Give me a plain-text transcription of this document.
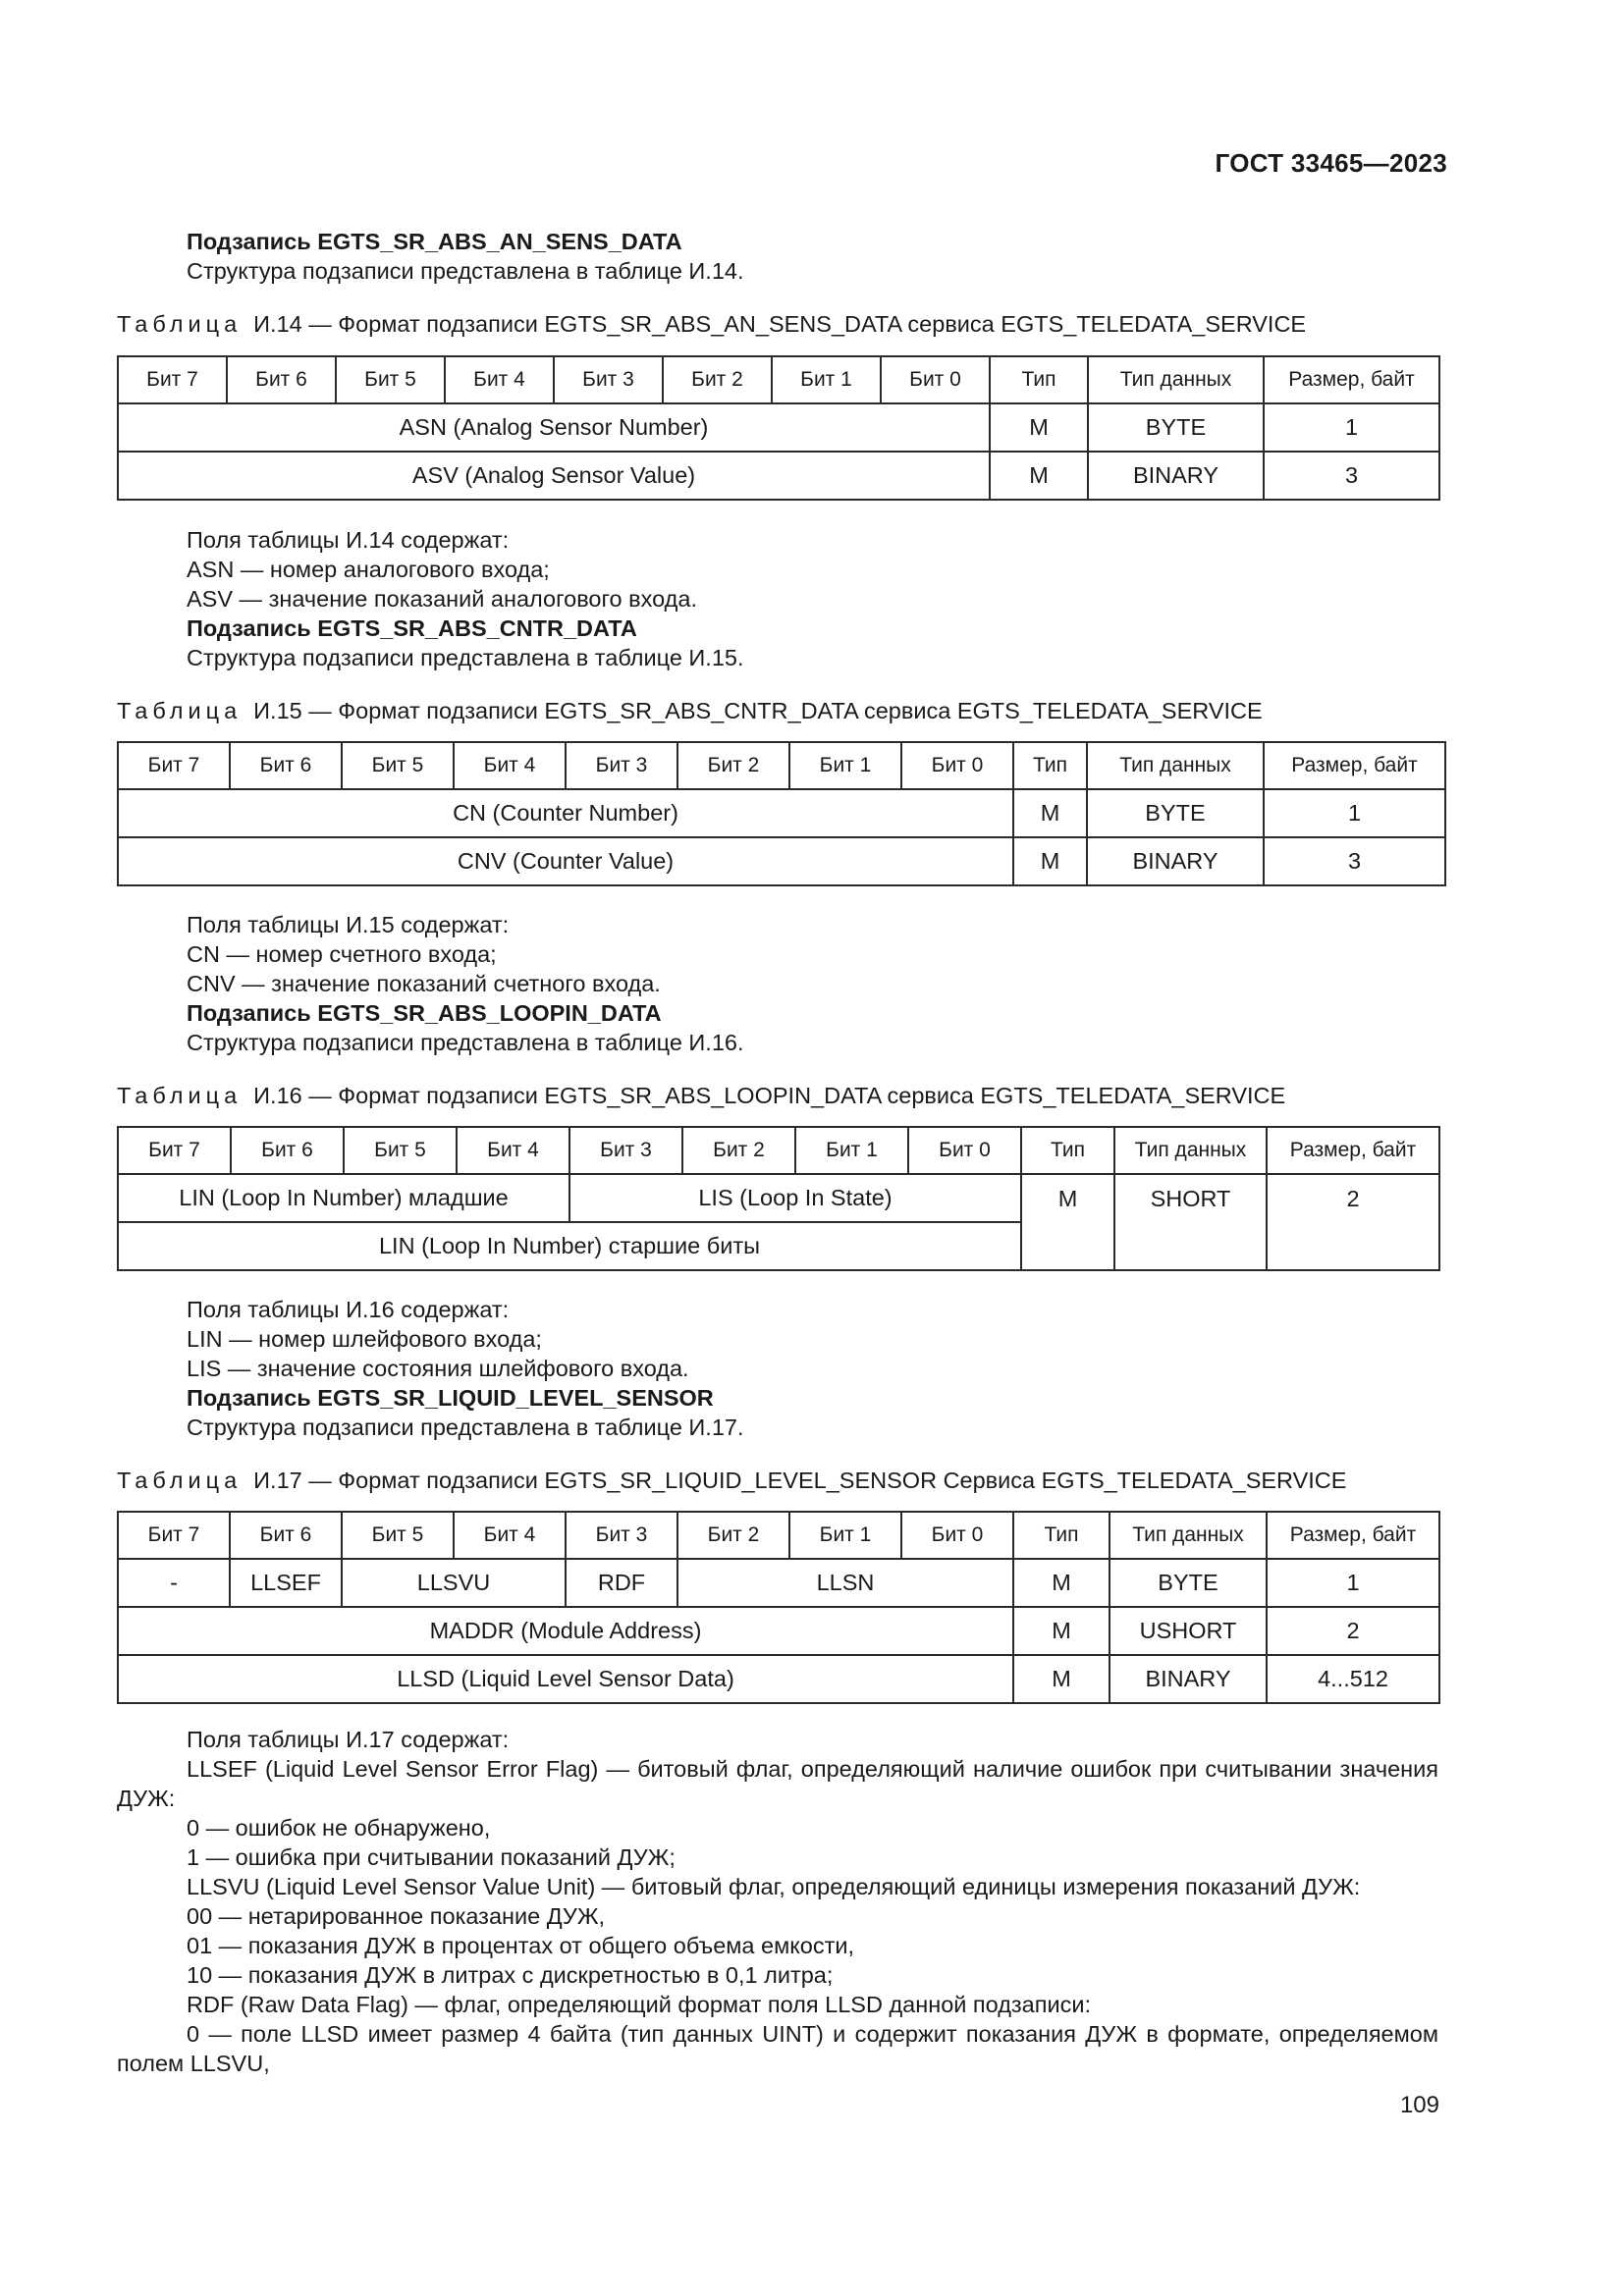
ГОСТ 33465—2023
Подзапись EGTS_SR_ABS_AN_SENS_DATA
Структура подзаписи представлена в таблице И.14.
Таблица И.14 — Формат подзаписи EGTS_SR_ABS_AN_SENS_DATA сервиса EGTS_TELEDATA_SERVICE
Бит 7	Бит 6	Бит 5	Бит 4	Бит 3	Бит 2	Бит 1	Бит 0	Тип	Тип данных	Размер, байт
ASN (Analog Sensor Number)								M	BYTE	1
ASV (Analog Sensor Value)								M	BINARY	3
Поля таблицы И.14 содержат:
ASN — номер аналогового входа;
ASV — значение показаний аналогового входа.
Подзапись EGTS_SR_ABS_CNTR_DATA
Структура подзаписи представлена в таблице И.15.
Таблица И.15 — Формат подзаписи EGTS_SR_ABS_CNTR_DATA сервиса EGTS_TELEDATA_SERVICE
Бит 7	Бит 6	Бит 5	Бит 4	Бит 3	Бит 2	Бит 1	Бит 0	Тип	Тип данных	Размер, байт
CN (Counter Number)								M	BYTE	1
CNV (Counter Value)								M	BINARY	3
Поля таблицы И.15 содержат:
CN — номер счетного входа;
CNV — значение показаний счетного входа.
Подзапись EGTS_SR_ABS_LOOPIN_DATA
Структура подзаписи представлена в таблице И.16.
Таблица И.16 — Формат подзаписи EGTS_SR_ABS_LOOPIN_DATA сервиса EGTS_TELEDATA_SERVICE
Бит 7	Бит 6	Бит 5	Бит 4	Бит 3	Бит 2	Бит 1	Бит 0	Тип	Тип данных	Размер, байт
LIN (Loop In Number) младшие				LIS (Loop In State)				M	SHORT	2
LIN (Loop In Number) старшие биты										
Поля таблицы И.16 содержат:
LIN — номер шлейфового входа;
LIS — значение состояния шлейфового входа.
Подзапись EGTS_SR_LIQUID_LEVEL_SENSOR
Структура подзаписи представлена в таблице И.17.
Таблица И.17 — Формат подзаписи EGTS_SR_LIQUID_LEVEL_SENSOR Сервиса EGTS_TELEDATA_SERVICE
Бит 7	Бит 6	Бит 5	Бит 4	Бит 3	Бит 2	Бит 1	Бит 0	Тип	Тип данных	Размер, байт
-	LLSEF	LLSVU		RDF	LLSN			M	BYTE	1
MADDR (Module Address)								M	USHORT	2
LLSD (Liquid Level Sensor Data)								M	BINARY	4...512
Поля таблицы И.17 содержат:
LLSEF (Liquid Level Sensor Error Flag) — битовый флаг, определяющий наличие ошибок при считывании значения ДУЖ:
0 — ошибок не обнаружено,
1 — ошибка при считывании показаний ДУЖ;
LLSVU (Liquid Level Sensor Value Unit) — битовый флаг, определяющий единицы измерения показаний ДУЖ:
00 — нетарированное показание ДУЖ,
01 — показания ДУЖ в процентах от общего объема емкости,
10 — показания ДУЖ в литрах с дискретностью в 0,1 литра;
RDF (Raw Data Flag) — флаг, определяющий формат поля LLSD данной подзаписи:
0 — поле LLSD имеет размер 4 байта (тип данных UINT) и содержит показания ДУЖ в формате, определяемом полем LLSVU,
109
